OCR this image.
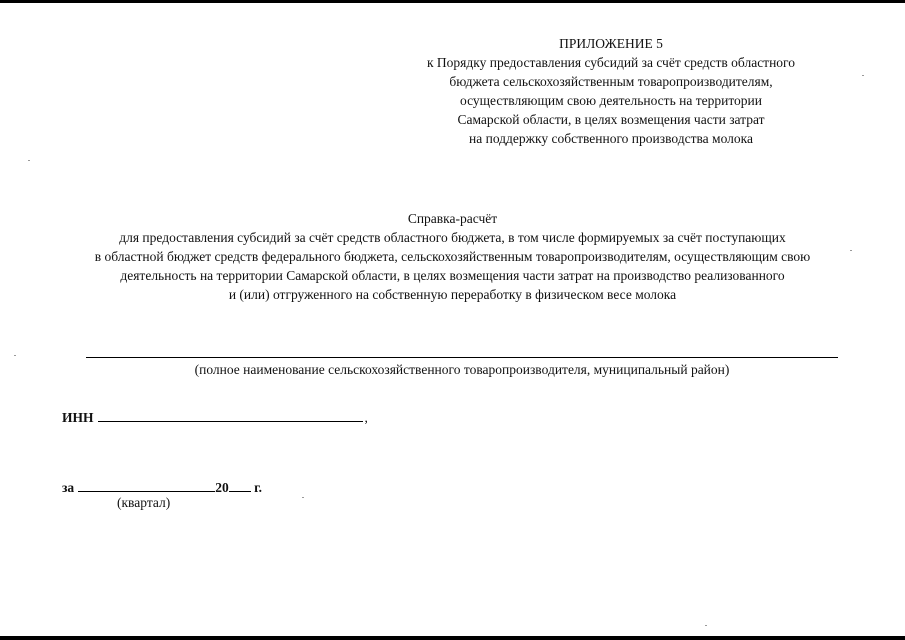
ПРИЛОЖЕНИЕ 5
к Порядку предоставления субсидий за счёт средств областного
бюджета сельскохозяйственным товаропроизводителям,
осуществляющим свою деятельность на территории
Самарской области, в целях возмещения части затрат
на поддержку собственного производства молока
Справка-расчёт
для предоставления субсидий за счёт средств областного бюджета, в том числе формируемых за счёт поступающих
в областной бюджет средств федерального бюджета, сельскохозяйственным товаропроизводителям, осуществляющим свою
деятельность на территории Самарской области, в целях возмещения части затрат на производство реализованного
и (или) отгруженного на собственную переработку в физическом весе молока
(полное наименование сельскохозяйственного товаропроизводителя, муниципальный район)
ИНН	,
за	20 г.
(квартал)
